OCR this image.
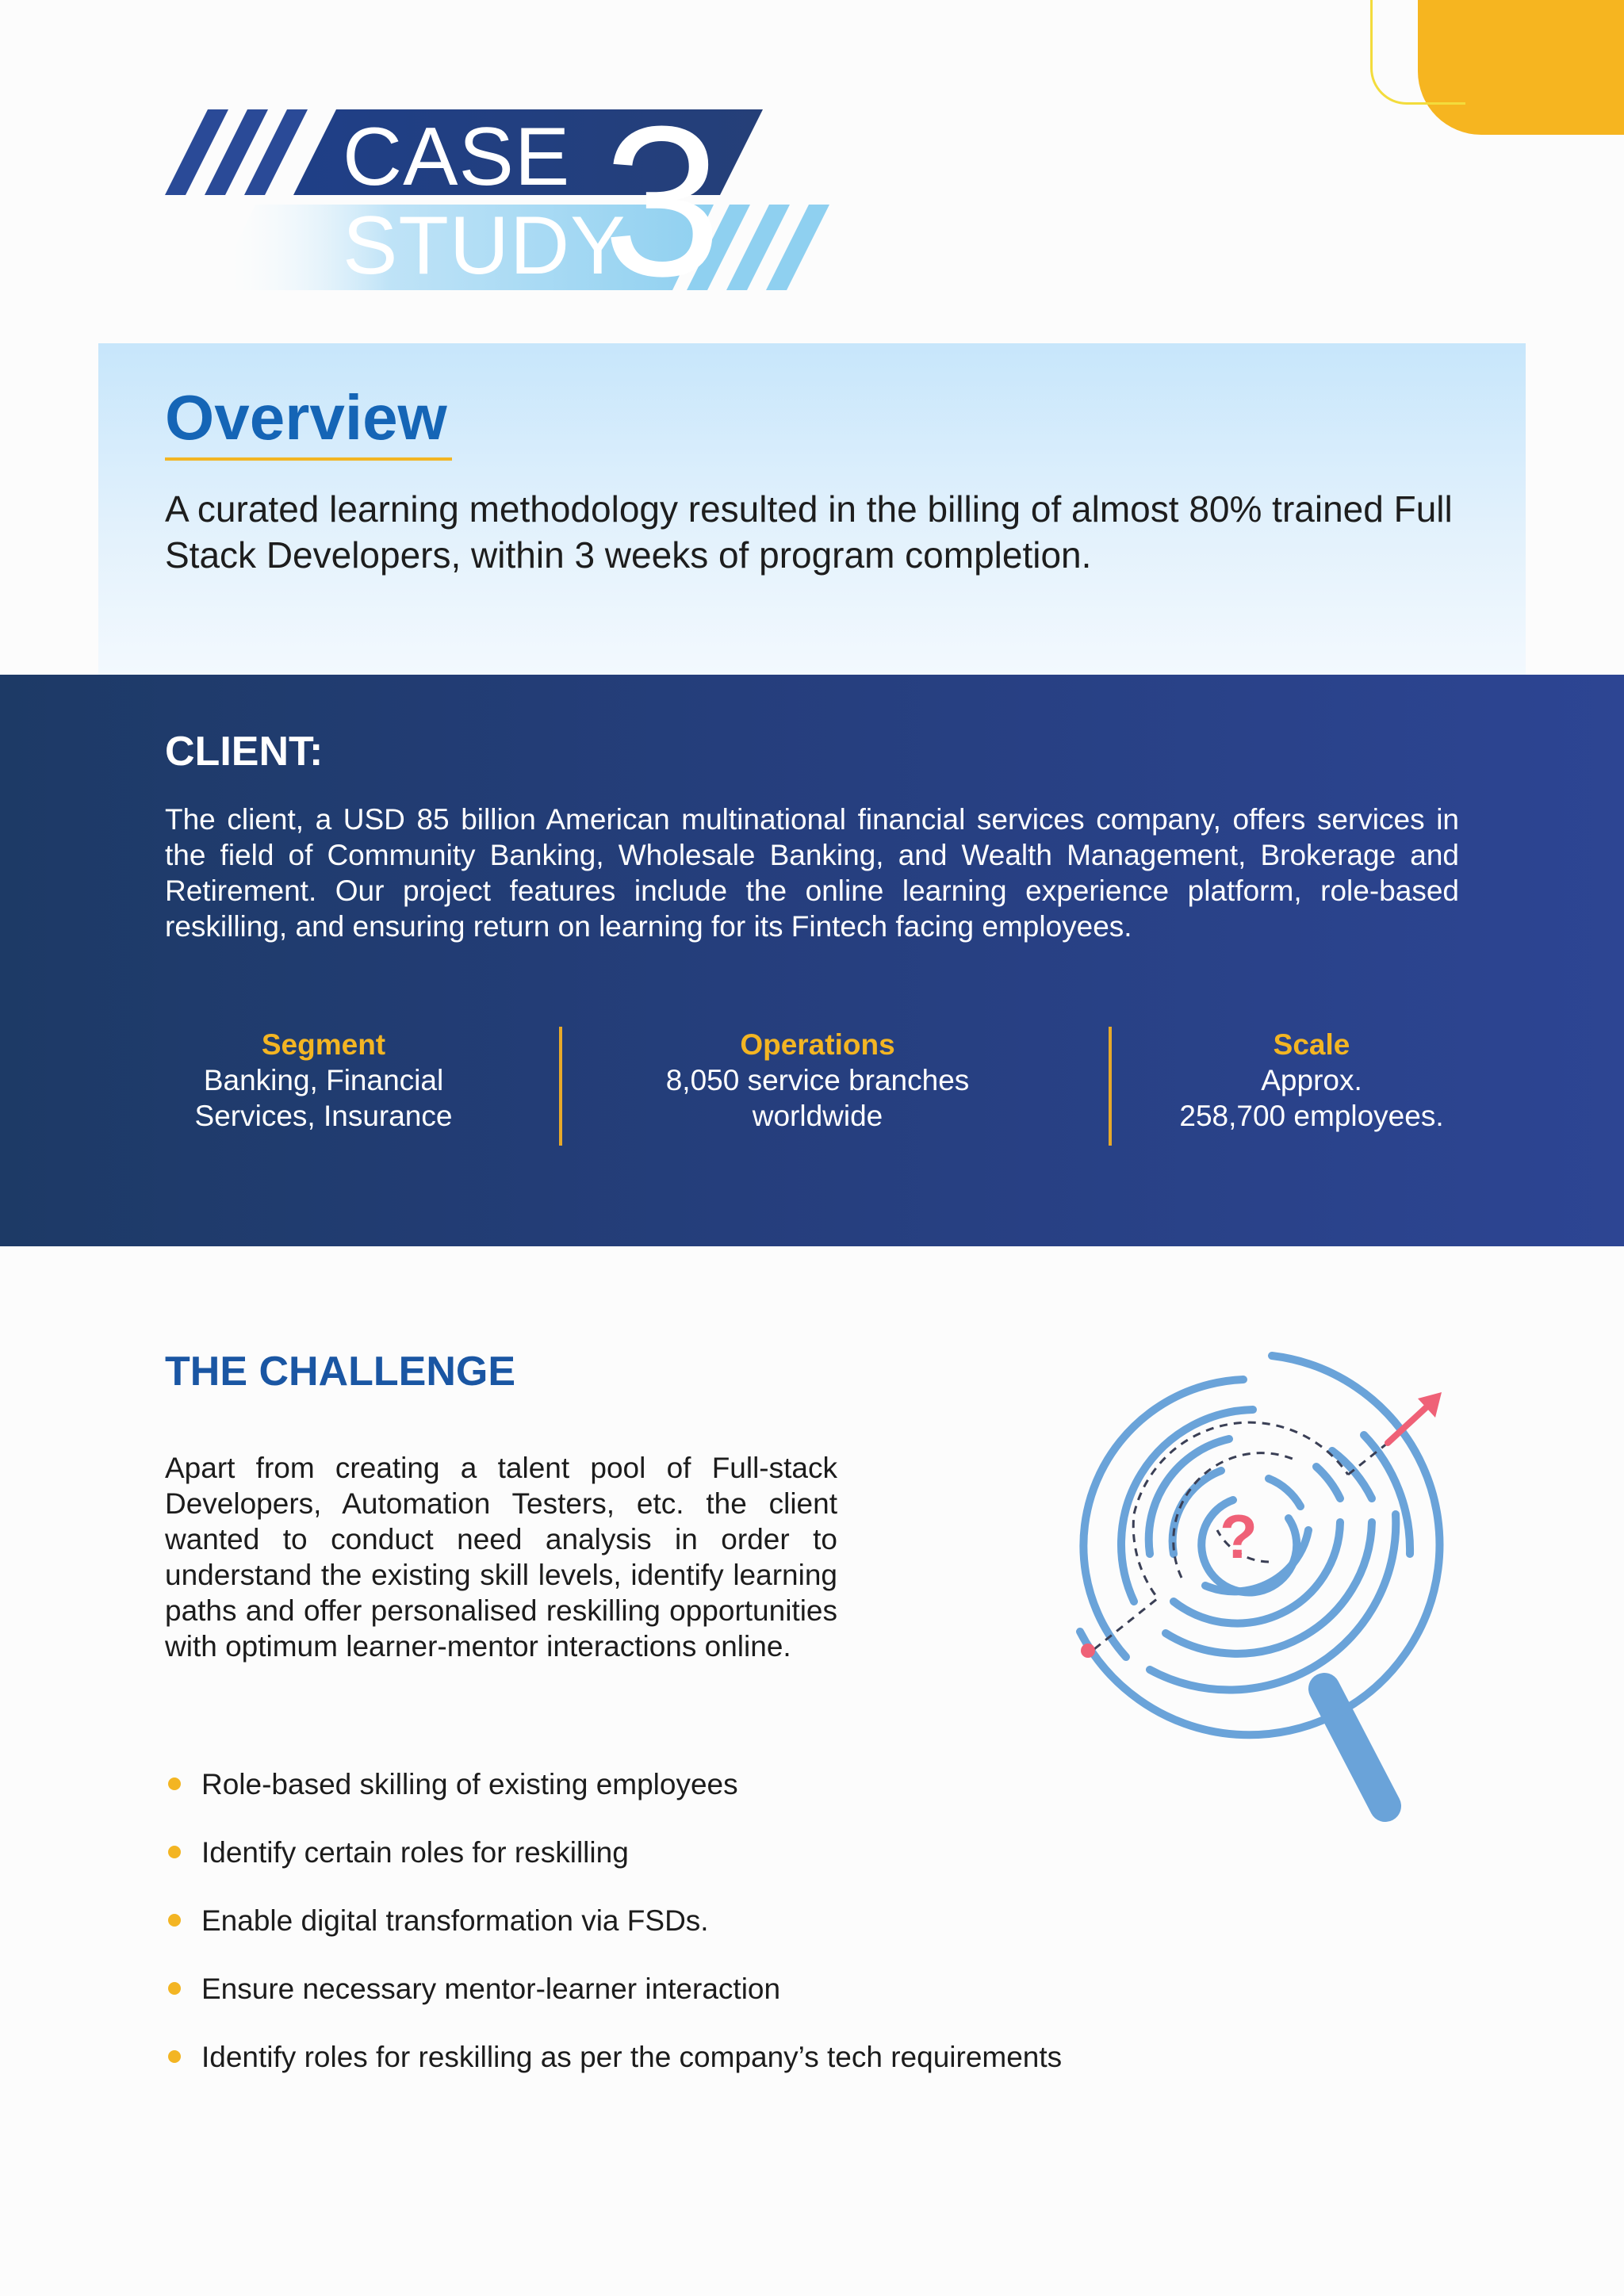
CASE
STUDY
3
Overview
A curated learning methodology resulted in the billing of almost 80% trained Full Stack Developers, within 3 weeks of program completion.
CLIENT:
The client, a USD 85 billion American multinational financial services company, offers services in the field of Community Banking, Wholesale Banking, and Wealth Management, Brokerage and Retirement. Our project features include the online learning experience platform, role-based reskilling, and ensuring return on learning for its Fintech facing employees.
Segment
Banking, Financial
Services, Insurance
Operations
8,050 service branches
worldwide
Scale
Approx.
258,700 employees.
THE CHALLENGE
Apart from creating a talent pool of Full-stack Developers, Automation Testers, etc. the client wanted to conduct need analysis in order to understand the existing skill levels, identify learning paths and offer personalised reskilling opportunities with optimum learner-mentor interactions online.
Role-based skilling of existing employees
Identify certain roles for reskilling
Enable digital transformation via FSDs.
Ensure necessary mentor-learner interaction
Identify roles for reskilling as per the company’s tech requirements
?
